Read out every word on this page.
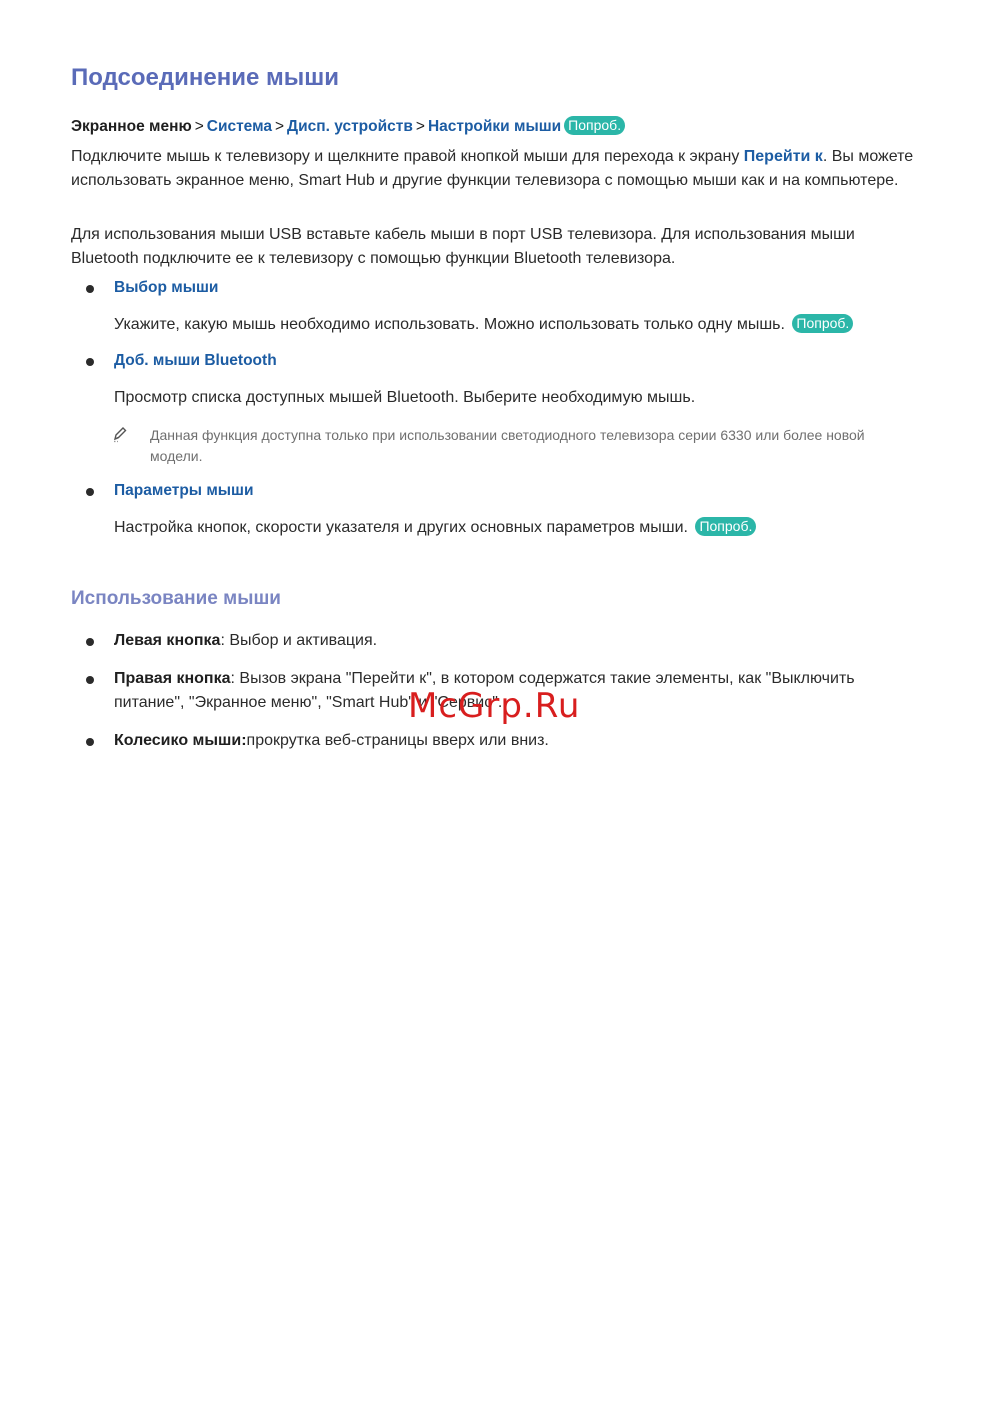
Подсоединение мыши
Экранное меню > Система > Дисп. устройств > Настройки мыши Попроб.

Подключите мышь к телевизору и щелкните правой кнопкой мыши для перехода к экрану Перейти к. Вы можете использовать экранное меню, Smart Hub и другие функции телевизора с помощью мыши как и на компьютере.

Для использования мыши USB вставьте кабель мыши в порт USB телевизора. Для использования мыши Bluetooth подключите ее к телевизору с помощью функции Bluetooth телевизора.

Выбор мыши

Укажите, какую мышь необходимо использовать. Можно использовать только одну мышь. Попроб.

Доб. мыши Bluetooth

Просмотр списка доступных мышей Bluetooth. Выберите необходимую мышь.

Данная функция доступна только при использовании светодиодного телевизора серии 6330 или более новой модели.

Параметры мыши

Настройка кнопок, скорости указателя и других основных параметров мыши. Попроб.

Использование мыши

Левая кнопка: Выбор и активация.

Правая кнопка: Вызов экрана "Перейти к", в котором содержатся такие элементы, как "Выключить питание", "Экранное меню", "Smart Hub" и "Сервис".

Колесико мыши:прокрутка веб-страницы вверх или вниз.

McGrp.Ru
